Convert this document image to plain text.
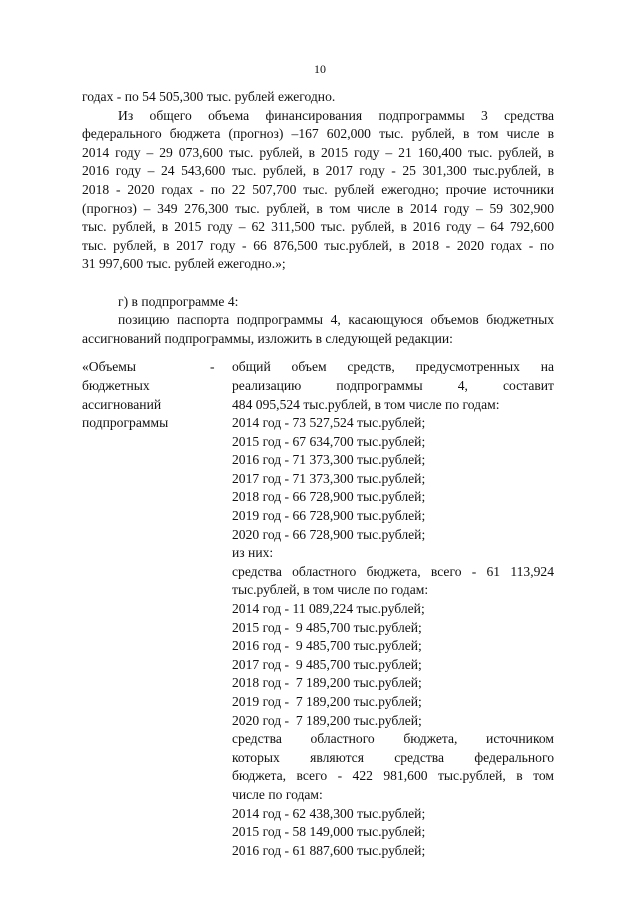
10
годах - по 54 505,300 тыс. рублей ежегодно.
Из общего объема финансирования подпрограммы 3 средства
федерального бюджета (прогноз) –167 602,000 тыс. рублей, в том числе в
2014 году – 29 073,600 тыс. рублей, в 2015 году – 21 160,400 тыс. рублей, в
2016 году – 24 543,600 тыс. рублей, в 2017 году - 25 301,300 тыс.рублей, в
2018 - 2020 годах - по 22 507,700 тыс. рублей ежегодно; прочие источники
(прогноз) – 349 276,300 тыс. рублей, в том числе в 2014 году – 59 302,900
тыс. рублей, в 2015 году – 62 311,500 тыс. рублей, в 2016 году – 64 792,600
тыс. рублей, в 2017 году - 66 876,500 тыс.рублей, в 2018 - 2020 годах - по
31 997,600 тыс. рублей ежегодно.»;
г) в подпрограмме 4:
позицию паспорта подпрограммы 4, касающуюся объемов бюджетных
ассигнований подпрограммы, изложить в следующей редакции:
«Объемы
бюджетных
ассигнований
подпрограммы
-	общий объем средств, предусмотренных на
реализацию подпрограммы 4, составит
484 095,524 тыс.рублей, в том числе по годам:
2014 год - 73 527,524 тыс.рублей;
2015 год - 67 634,700 тыс.рублей;
2016 год - 71 373,300 тыс.рублей;
2017 год - 71 373,300 тыс.рублей;
2018 год - 66 728,900 тыс.рублей;
2019 год - 66 728,900 тыс.рублей;
2020 год - 66 728,900 тыс.рублей;
из них:
средства областного бюджета, всего - 61 113,924
тыс.рублей, в том числе по годам:
2014 год - 11 089,224 тыс.рублей;
2015 год -  9 485,700 тыс.рублей;
2016 год -  9 485,700 тыс.рублей;
2017 год -  9 485,700 тыс.рублей;
2018 год -  7 189,200 тыс.рублей;
2019 год -  7 189,200 тыс.рублей;
2020 год -  7 189,200 тыс.рублей;
средства областного бюджета, источником
которых являются средства федерального
бюджета, всего - 422 981,600 тыс.рублей, в том
числе по годам:
2014 год - 62 438,300 тыс.рублей;
2015 год - 58 149,000 тыс.рублей;
2016 год - 61 887,600 тыс.рублей;
